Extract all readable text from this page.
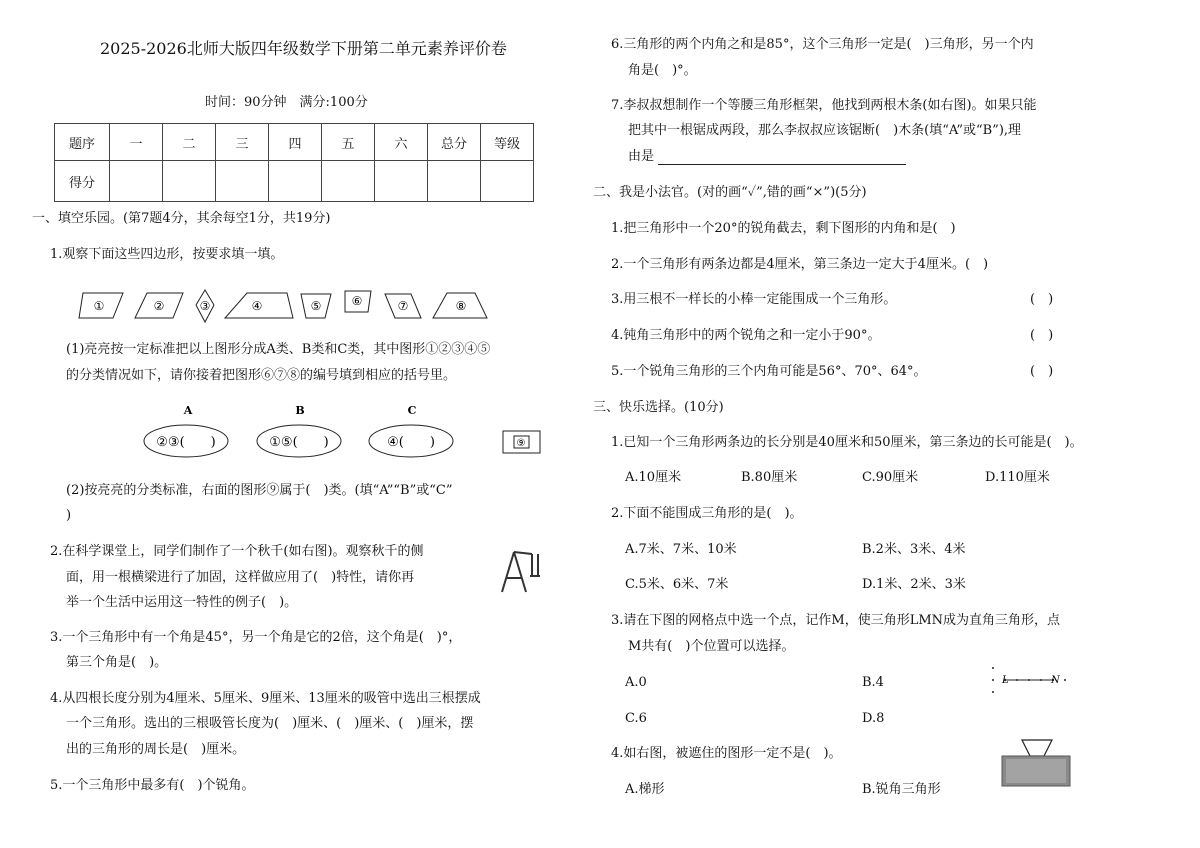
2025-2026北师大版四年级数学下册第二单元素养评价卷
时间：90分钟　满分:100分
题序	一	二	三	四	五	六	总分	等级
得分								
一、填空乐园。(第7题4分，其余每空1分，共19分)
1.观察下面这些四边形，按要求填一填。
①	②	③	④	⑤	⑥	⑦	⑧
(1)亮亮按一定标准把以上图形分成A类、B类和C类，其中图形①②③④⑤
的分类情况如下，请你接着把图形⑥⑦⑧的编号填到相应的括号里。
A	B	C
②③(　　)	①⑤(　　)	④(　　)	⑨
(2)按亮亮的分类标准，右面的图形⑨属于(　)类。(填“A”“B”或“C”
)
2.在科学课堂上，同学们制作了一个秋千(如右图)。观察秋千的侧
面，用一根横梁进行了加固，这样做应用了(　)特性，请你再
举一个生活中运用这一特性的例子(　)。
3.一个三角形中有一个角是45°，另一个角是它的2倍，这个角是(　)°，
第三个角是(　)。
4.从四根长度分别为4厘米、5厘米、9厘米、13厘米的吸管中选出三根摆成
一个三角形。选出的三根吸管长度为(　)厘米、(　)厘米、(　)厘米，摆
出的三角形的周长是(　)厘米。
5.一个三角形中最多有(　)个锐角。
6.三角形的两个内角之和是85°，这个三角形一定是(　)三角形，另一个内
角是(　)°。
7.李叔叔想制作一个等腰三角形框架，他找到两根木条(如右图)。如果只能
把其中一根锯成两段，那么李叔叔应该锯断(　)木条(填“A”或“B”),理
由是
二、我是小法官。(对的画“✓”,错的画“×”)(5分)
1.把三角形中一个20°的锐角截去，剩下图形的内角和是(　)
2.一个三角形有两条边都是4厘米，第三条边一定大于4厘米。(　)
3.用三根不一样长的小棒一定能围成一个三角形。	(　)
4.钝角三角形中的两个锐角之和一定小于90°。	(　)
5.一个锐角三角形的三个内角可能是56°、70°、64°。	(　)
三、快乐选择。(10分)
1.已知一个三角形两条边的长分别是40厘米和50厘米，第三条边的长可能是(　)。
A.10厘米	B.80厘米	C.90厘米	D.110厘米
2.下面不能围成三角形的是(　)。
A.7米、7米、10米	B.2米、3米、4米
C.5米、6米、7米	D.1米、2米、3米
3.请在下图的网格点中选一个点，记作M，使三角形LMN成为直角三角形，点
M共有(　)个位置可以选择。
A.0	B.4
C.6	D.8
L	N
4.如右图，被遮住的图形一定不是(　)。
A.梯形	B.锐角三角形
